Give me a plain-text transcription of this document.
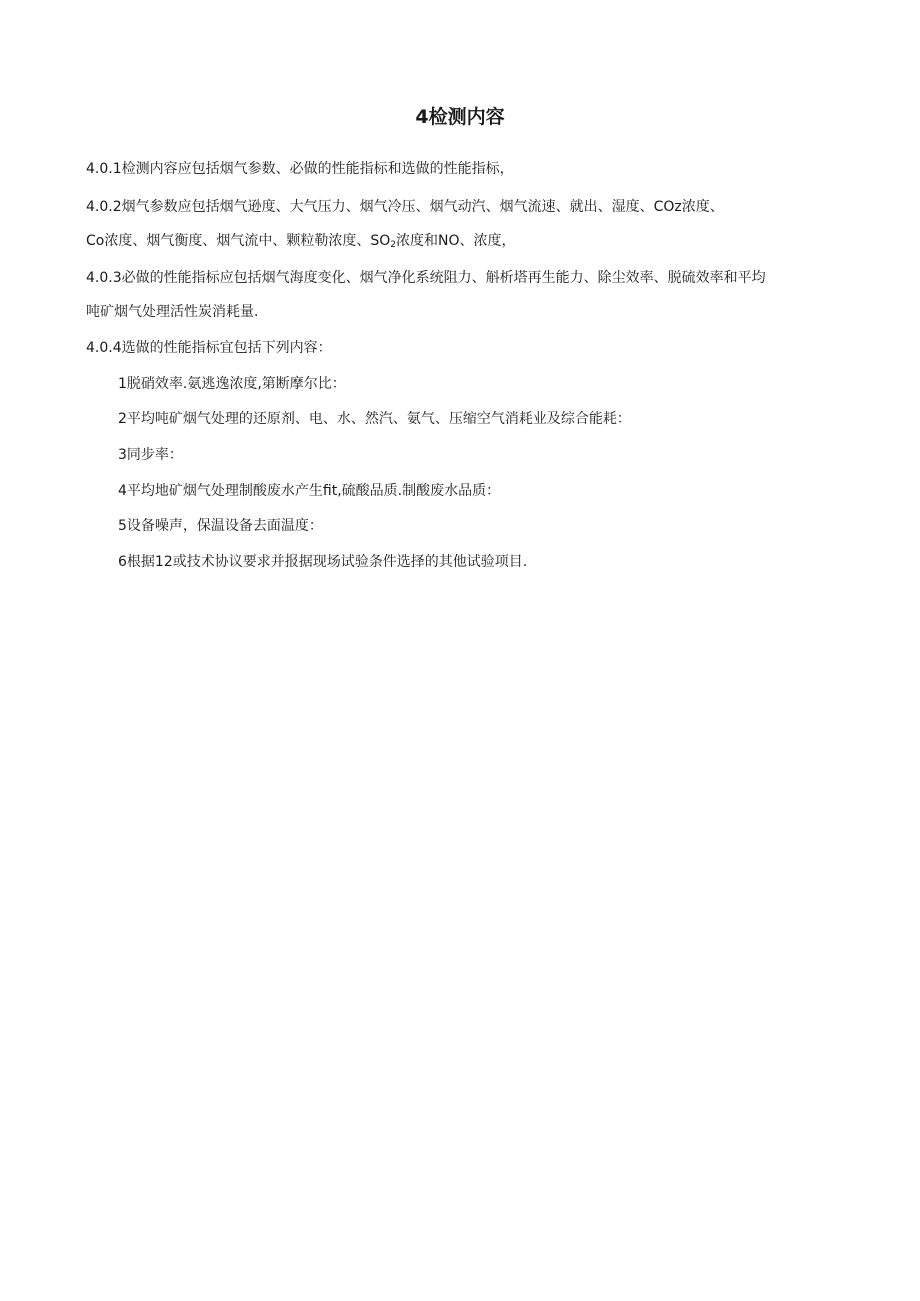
4检测内容
4.0.1检测内容应包括烟气参数、必做的性能指标和选做的性能指标，
4.0.2烟气参数应包括烟气逊度、大气压力、烟气冷压、烟气动汽、烟气流速、就出、湿度、COz浓度、
Co浓度、烟气衡度、烟气流中、颗粒勒浓度、$SO_2$浓度和NO、浓度，
4.0.3必做的性能指标应包括烟气海度变化、烟气净化系统阻力、斛析塔再生能力、除尘效率、脱硫效率和平均
吨矿烟气处理活性炭消耗量.
4.0.4选做的性能指标宜包括下列内容：
1脱硝效率.氨逃逸浓度,第断摩尔比：
2平均吨矿烟气处理的还原剂、电、水、然汽、氨气、压缩空气消耗业及综合能耗：
3同步率：
4平均地矿烟气处理制酸废水产生fit,硫酸品质.制酸废水品质：
5设备噪声，保温设备去面温度：
6根据12或技术协议要求并报据现场试验条件选择的其他试验项目.
